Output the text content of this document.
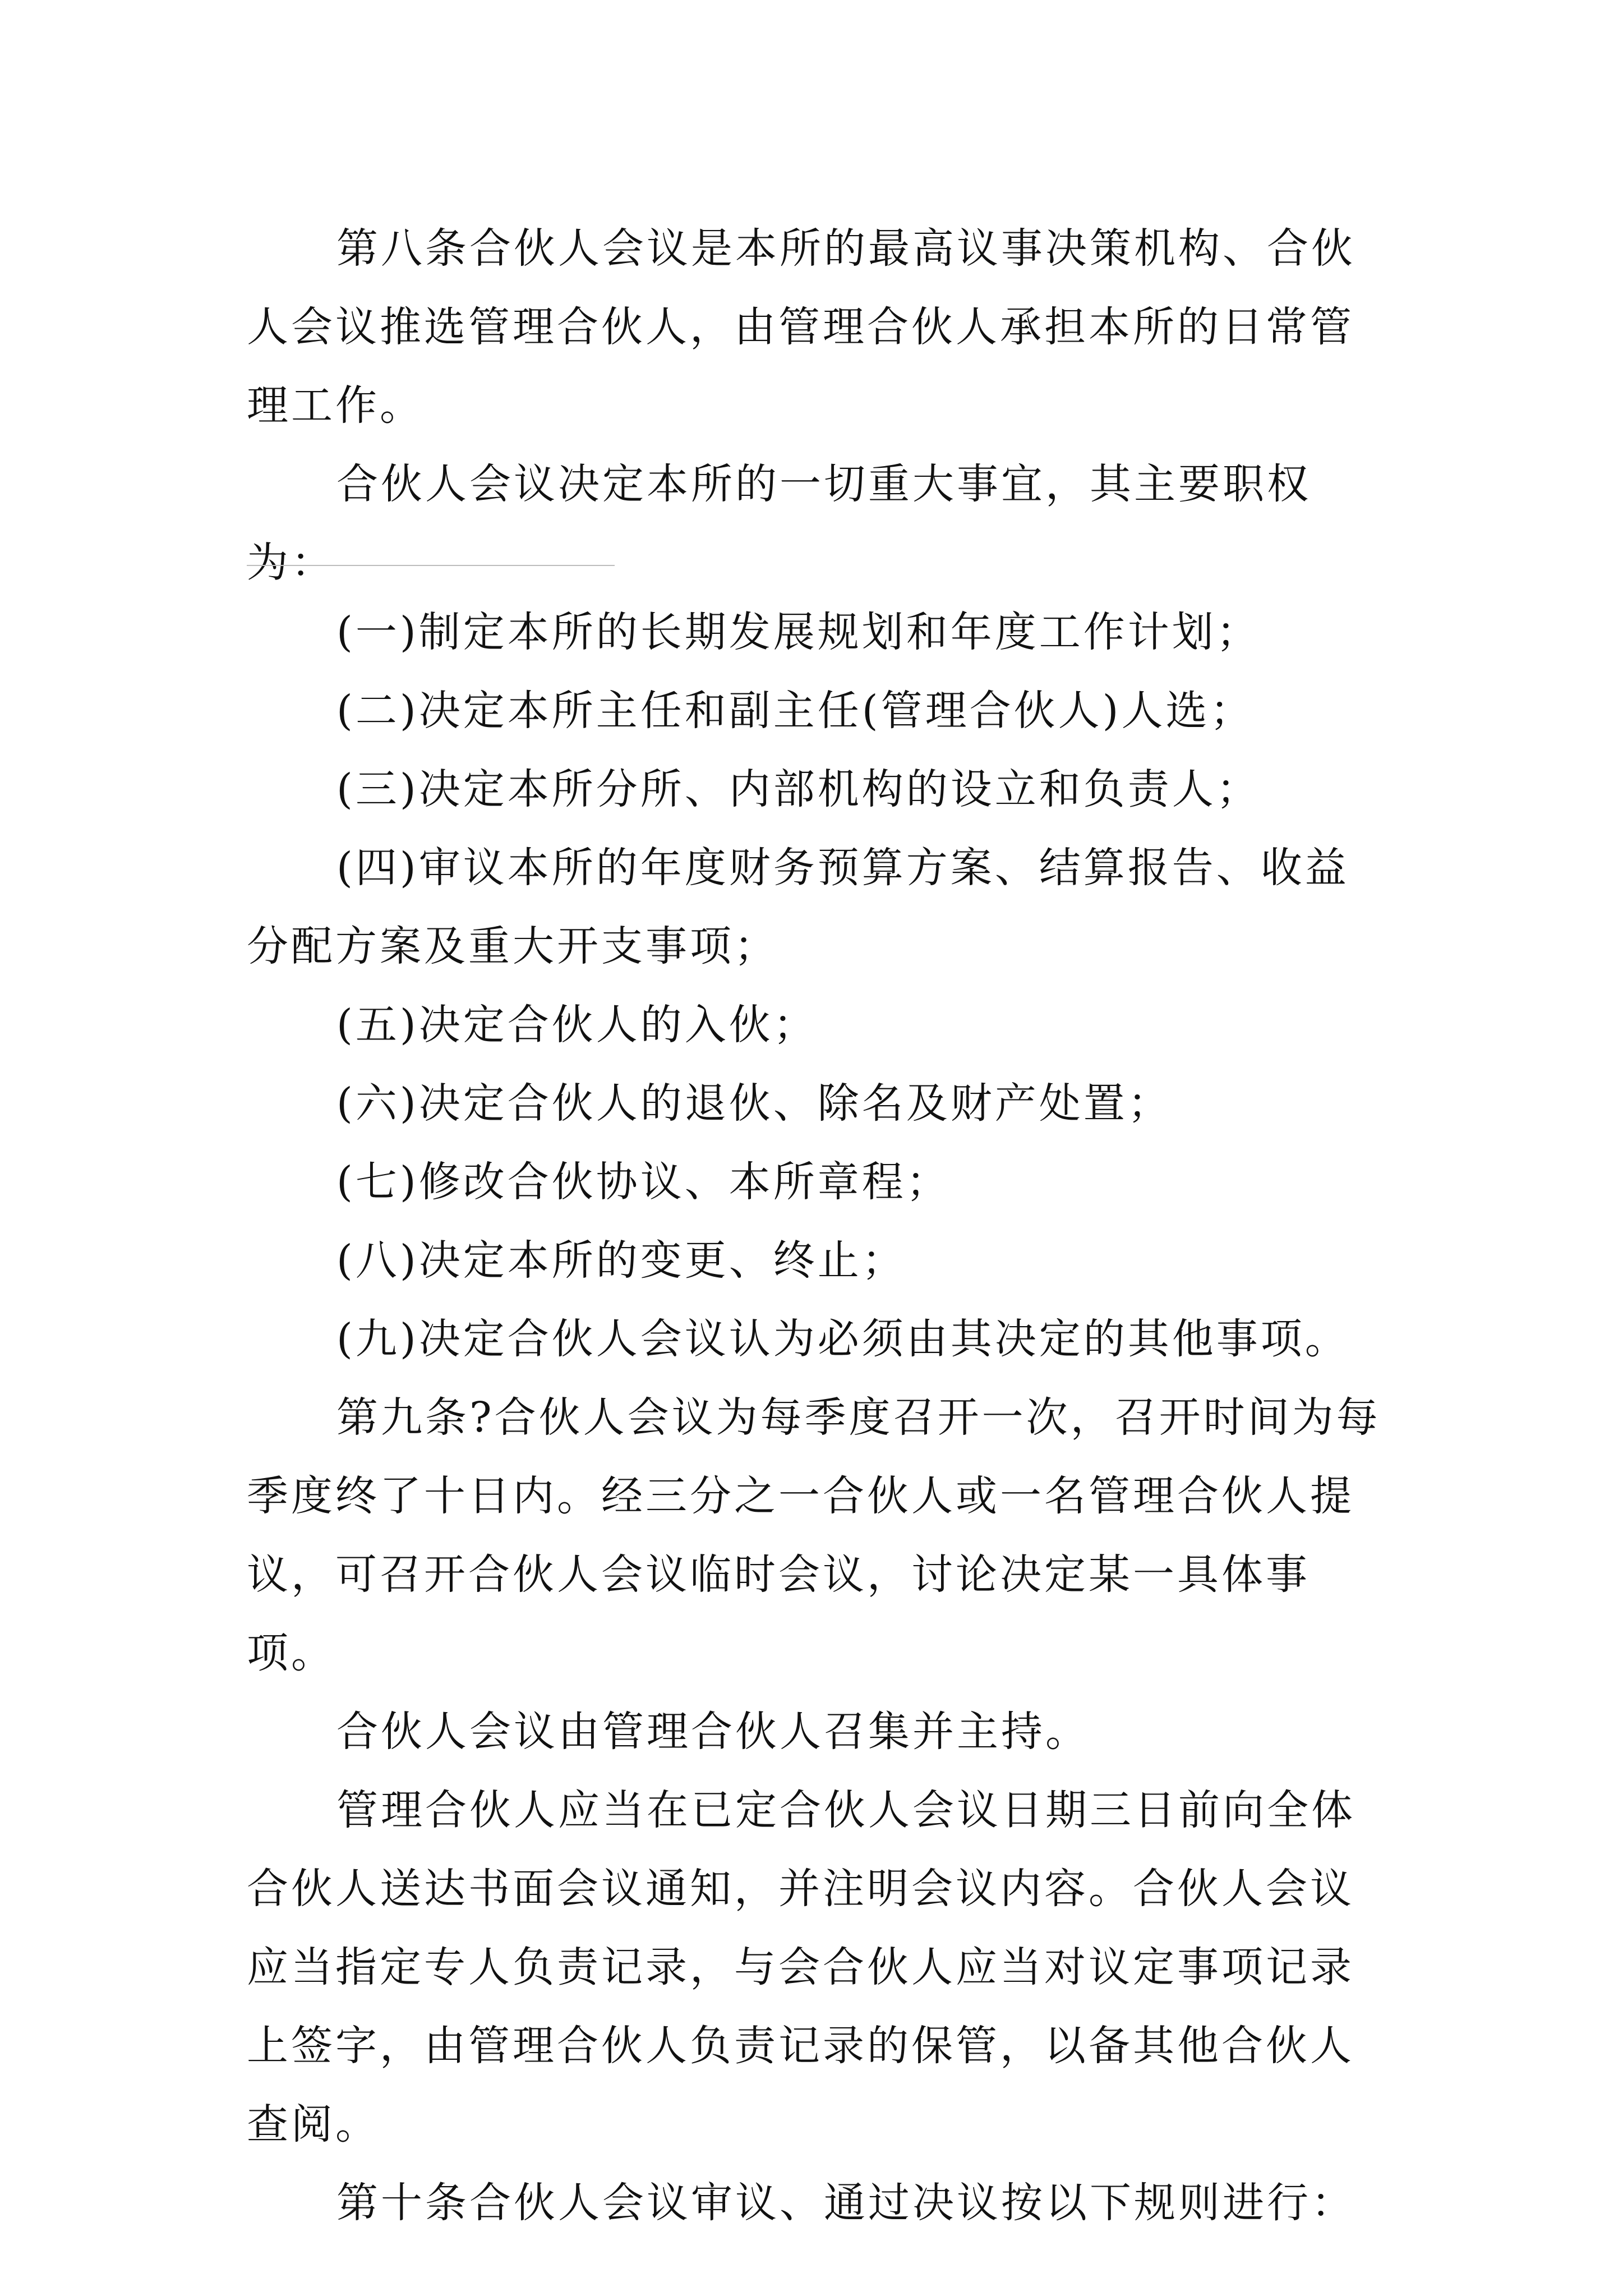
第八条合伙人会议是本所的最高议事决策机构、合伙人会议推选管理合伙人，由管理合伙人承担本所的日常管理工作。

合伙人会议决定本所的一切重大事宜，其主要职权为：

(一)制定本所的长期发展规划和年度工作计划；

(二)决定本所主任和副主任(管理合伙人)人选；

(三)决定本所分所、内部机构的设立和负责人；

(四)审议本所的年度财务预算方案、结算报告、收益分配方案及重大开支事项；

(五)决定合伙人的入伙；

(六)决定合伙人的退伙、除名及财产处置；

(七)修改合伙协议、本所章程；

(八)决定本所的变更、终止；

(九)决定合伙人会议认为必须由其决定的其他事项。

第九条?合伙人会议为每季度召开一次，召开时间为每季度终了十日内。经三分之一合伙人或一名管理合伙人提议，可召开合伙人会议临时会议，讨论决定某一具体事项。

合伙人会议由管理合伙人召集并主持。

管理合伙人应当在已定合伙人会议日期三日前向全体合伙人送达书面会议通知，并注明会议内容。合伙人会议应当指定专人负责记录，与会合伙人应当对议定事项记录上签字，由管理合伙人负责记录的保管，以备其他合伙人查阅。

第十条合伙人会议审议、通过决议按以下规则进行：
